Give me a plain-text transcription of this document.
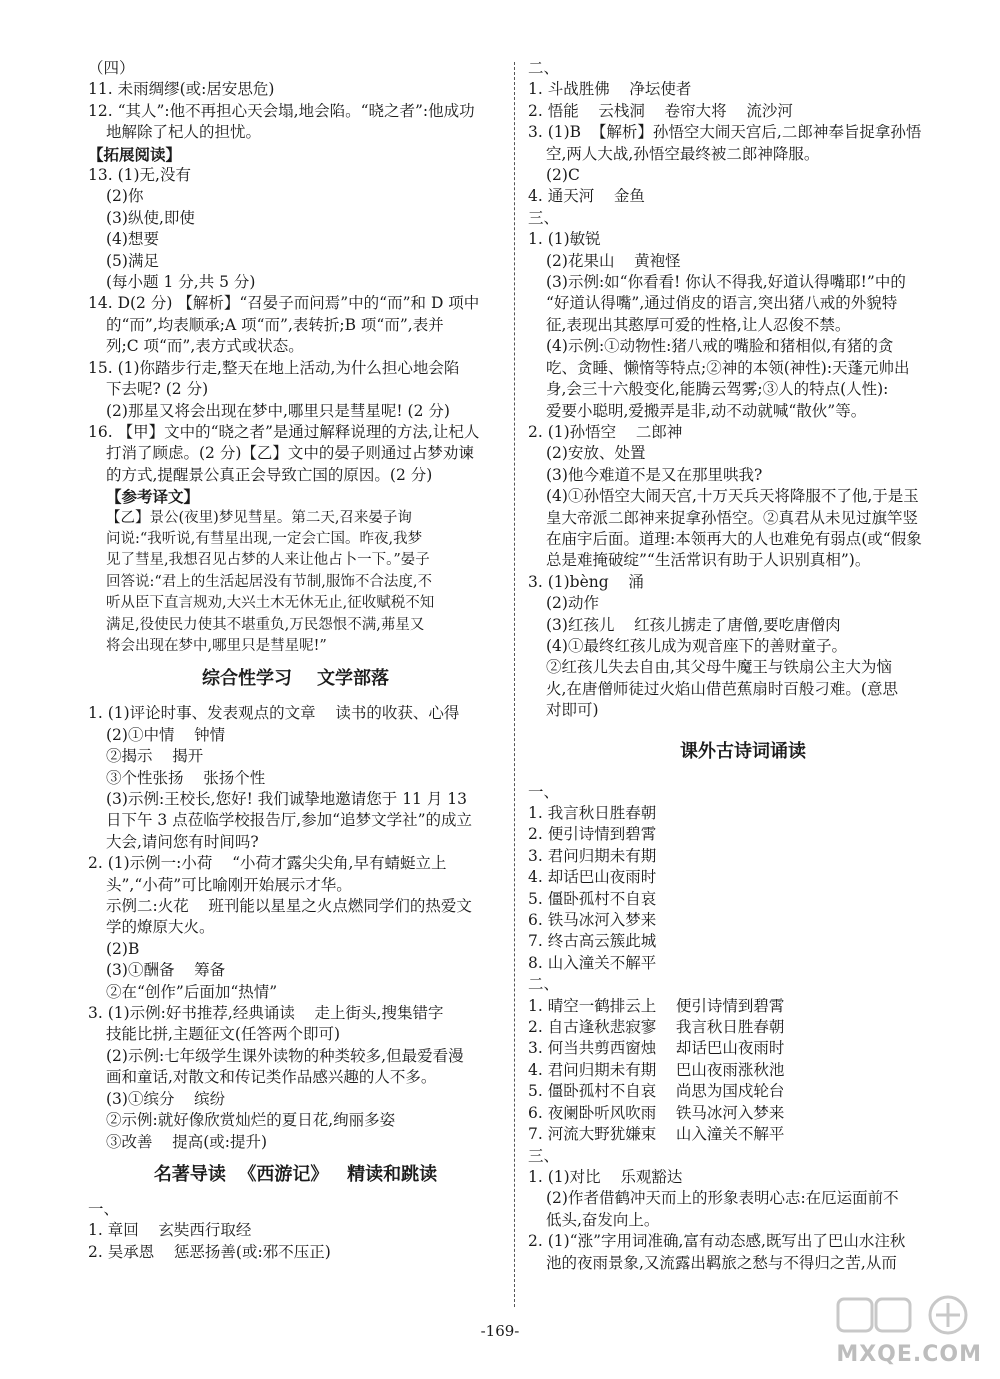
（四）
11. 未雨绸缪(或:居安思危)
12. “其人”:他不再担心天会塌,地会陷。“晓之者”:他成功
地解除了杞人的担忧。
【拓展阅读】
13. (1)无,没有
(2)你
(3)纵使,即使
(4)想要
(5)满足
(每小题 1 分,共 5 分)
14. D(2 分) 【解析】“召晏子而问焉”中的“而”和 D 项中
的“而”,均表顺承;A 项“而”,表转折;B 项“而”,表并
列;C 项“而”,表方式或状态。
15. (1)你踏步行走,整天在地上活动,为什么担心地会陷
下去呢? (2 分)
(2)那星又将会出现在梦中,哪里只是彗星呢! (2 分)
16. 【甲】文中的“晓之者”是通过解释说理的方法,让杞人
打消了顾虑。(2 分)【乙】文中的晏子则通过占梦劝谏
的方式,提醒景公真正会导致亡国的原因。(2 分)
【参考译文】
【乙】景公(夜里)梦见彗星。第二天,召来晏子询
问说:“我听说,有彗星出现,一定会亡国。昨夜,我梦
见了彗星,我想召见占梦的人来让他占卜一下。”晏子
回答说:“君上的生活起居没有节制,服饰不合法度,不
听从臣下直言规劝,大兴土木无休无止,征收赋税不知
满足,役使民力使其不堪重负,万民怨恨不满,茀星又
将会出现在梦中,哪里只是彗星呢!”
综合性学习    文学部落
1. (1)评论时事、发表观点的文章    读书的收获、心得
(2)①中情    钟情
②揭示    揭开
③个性张扬    张扬个性
(3)示例:王校长,您好! 我们诚挚地邀请您于 11 月 13
日下午 3 点莅临学校报告厅,参加“追梦文学社”的成立
大会,请问您有时间吗?
2. (1)示例一:小荷    “小荷才露尖尖角,早有蜻蜓立上
头”,“小荷”可比喻刚开始展示才华。
示例二:火花    班刊能以星星之火点燃同学们的热爱文
学的燎原大火。
(2)B
(3)①酬备    筹备
②在“创作”后面加“热情”
3. (1)示例:好书推荐,经典诵读    走上街头,搜集错字
技能比拼,主题征文(任答两个即可)
(2)示例:七年级学生课外读物的种类较多,但最爱看漫
画和童话,对散文和传记类作品感兴趣的人不多。
(3)①缤分    缤纷
②示例:就好像欣赏灿烂的夏日花,绚丽多姿
③改善    提高(或:提升)
名著导读  《西游记》   精读和跳读
一、
1. 章回    玄奘西行取经
2. 吴承恩    惩恶扬善(或:邪不压正)
二、
1. 斗战胜佛    净坛使者
2. 悟能    云栈洞    卷帘大将    流沙河
3. (1)B  【解析】孙悟空大闹天宫后,二郎神奉旨捉拿孙悟
空,两人大战,孙悟空最终被二郎神降服。
(2)C
4. 通天河    金鱼
三、
1. (1)敏锐
(2)花果山    黄袍怪
(3)示例:如“你看看! 你认不得我,好道认得嘴耶!”中的
“好道认得嘴”,通过俏皮的语言,突出猪八戒的外貌特
征,表现出其憨厚可爱的性格,让人忍俊不禁。
(4)示例:①动物性:猪八戒的嘴脸和猪相似,有猪的贪
吃、贪睡、懒惰等特点;②神的本领(神性):天蓬元帅出
身,会三十六般变化,能腾云驾雾;③人的特点(人性):
爱要小聪明,爱搬弄是非,动不动就喊“散伙”等。
2. (1)孙悟空    二郎神
(2)安放、处置
(3)他今难道不是又在那里哄我?
(4)①孙悟空大闹天宫,十万天兵天将降服不了他,于是玉
皇大帝派二郎神来捉拿孙悟空。②真君从未见过旗竿竖
在庙宇后面。道理:本领再大的人也难免有弱点(或“假象
总是难掩破绽”“生活常识有助于人识别真相”)。
3. (1)bèng    涌
(2)动作
(3)红孩儿    红孩儿掳走了唐僧,要吃唐僧肉
(4)①最终红孩儿成为观音座下的善财童子。
②红孩儿失去自由,其父母牛魔王与铁扇公主大为恼
火,在唐僧师徒过火焰山借芭蕉扇时百般刁难。(意思
对即可)
课外古诗词诵读
一、
1. 我言秋日胜春朝
2. 便引诗情到碧霄
3. 君问归期未有期
4. 却话巴山夜雨时
5. 僵卧孤村不自哀
6. 铁马冰河入梦来
7. 终古高云簇此城
8. 山入潼关不解平
二、
1. 晴空一鹤排云上    便引诗情到碧霄
2. 自古逢秋悲寂寥    我言秋日胜春朝
3. 何当共剪西窗烛    却话巴山夜雨时
4. 君问归期未有期    巴山夜雨涨秋池
5. 僵卧孤村不自哀    尚思为国戍轮台
6. 夜阑卧听风吹雨    铁马冰河入梦来
7. 河流大野犹嫌束    山入潼关不解平
三、
1. (1)对比    乐观豁达
(2)作者借鹤冲天而上的形象表明心志:在厄运面前不
低头,奋发向上。
2. (1)“涨”字用词准确,富有动态感,既写出了巴山水注秋
池的夜雨景象,又流露出羁旅之愁与不得归之苦,从而
-169-
MXQE.COM
